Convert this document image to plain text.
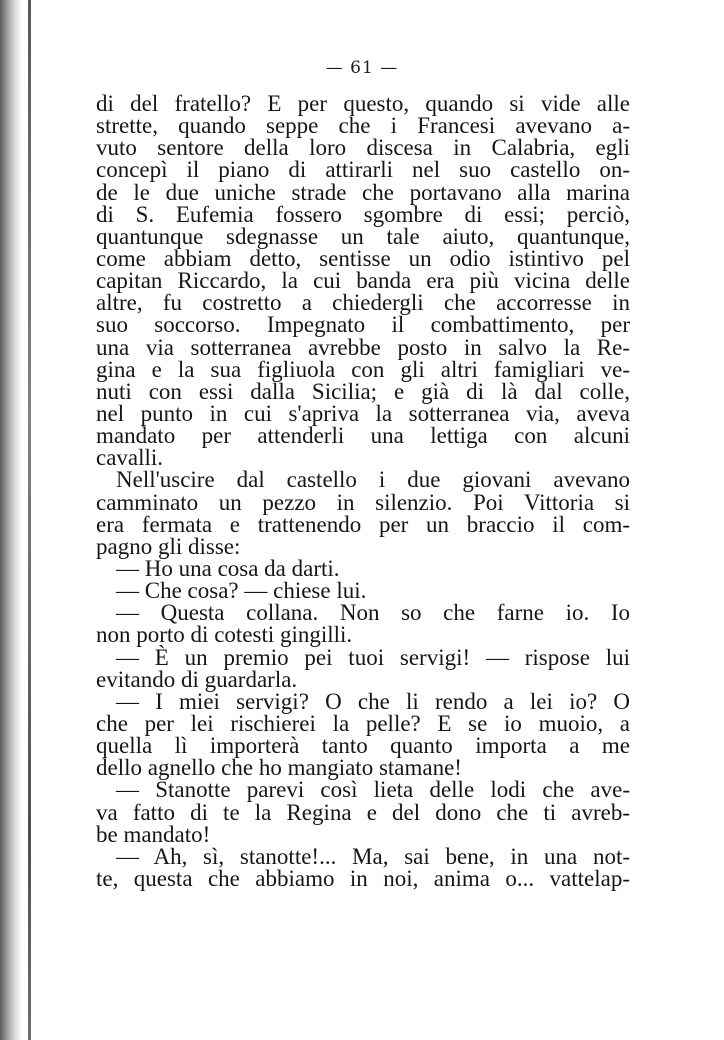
— 61 —
di del fratello? E per questo, quando si vide alle
strette, quando seppe che i Francesi avevano a-
vuto sentore della loro discesa in Calabria, egli
concepì il piano di attirarli nel suo castello on-
de le due uniche strade che portavano alla marina
di S. Eufemia fossero sgombre di essi; perciò,
quantunque sdegnasse un tale aiuto, quantunque,
come abbiam detto, sentisse un odio istintivo pel
capitan Riccardo, la cui banda era più vicina delle
altre, fu costretto a chiedergli che accorresse in
suo soccorso. Impegnato il combattimento, per
una via sotterranea avrebbe posto in salvo la Re-
gina e la sua figliuola con gli altri famigliari ve-
nuti con essi dalla Sicilia; e già di là dal colle,
nel punto in cui s'apriva la sotterranea via, aveva
mandato per attenderli una lettiga con alcuni
cavalli.
Nell'uscire dal castello i due giovani avevano
camminato un pezzo in silenzio. Poi Vittoria si
era fermata e trattenendo per un braccio il com-
pagno gli disse:
— Ho una cosa da darti.
— Che cosa? — chiese lui.
— Questa collana. Non so che farne io. Io
non porto di cotesti gingilli.
— È un premio pei tuoi servigi! — rispose lui
evitando di guardarla.
— I miei servigi? O che li rendo a lei io? O
che per lei rischierei la pelle? E se io muoio, a
quella lì importerà tanto quanto importa a me
dello agnello che ho mangiato stamane!
— Stanotte parevi così lieta delle lodi che ave-
va fatto di te la Regina e del dono che ti avreb-
be mandato!
— Ah, sì, stanotte!... Ma, sai bene, in una not-
te, questa che abbiamo in noi, anima o... vattelap-
